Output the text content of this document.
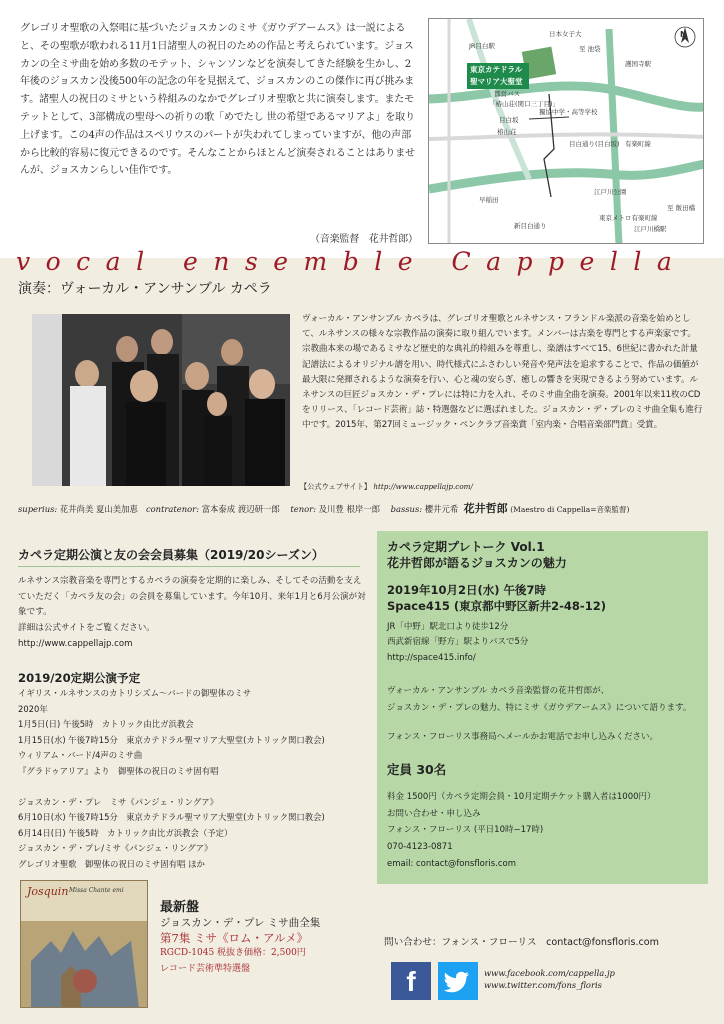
グレゴリオ聖歌の入祭唱に基づいたジョスカンのミサ《ガウデアームス》は一説によると、その聖歌が歌われる11月1日諸聖人の祝日のための作品と考えられています。ジョスカンの全ミサ曲を始め多数のモテット、シャンソンなどを演奏してきた経験を生かし、2年後のジョスカン没後500年の記念の年を見据えて、ジョスカンのこの傑作に再び挑みます。諸聖人の祝日のミサという枠組みのなかでグレゴリオ聖歌と共に演奏します。またモテットとして、3部構成の聖母への祈りの歌「めでたし 世の希望であるマリアよ」を取り上げます。この4声の作品はスペリウスのパートが失われてしまっていますが、他の声部から比較的容易に復元できるのです。そんなことからほとんど演奏されることはありませんが、ジョスカンらしい佳作です。
（音楽監督　花井哲郎）
東京カテドラル
聖マリア大聖堂
N
JR目白駅	至 池袋
日本女子大
都営バス
「椿山荘(関口三丁目)」
獨協中学・高等学校
目白坂
椿山荘
目白通り(目白坂)
江戸川公園
早稲田
新目白通り
至 飯田橋
東京メトロ有楽町線
江戸川橋駅
有楽町線
護国寺駅
vocal ensemble Cappella
演奏：ヴォーカル・アンサンブル カペラ
ヴォーカル・アンサンブル カペラは、グレゴリオ聖歌とルネサンス・フランドル楽派の音楽を始めとして、ルネサンスの様々な宗教作品の演奏に取り組んでいます。メンバーは古楽を専門とする声楽家です。宗教曲本来の場であるミサなど歴史的な典礼的枠組みを尊重し、楽譜はすべて15、6世紀に書かれた計量記譜法によるオリジナル譜を用い、時代様式にふさわしい発音や発声法を追求することで、作品の価値が最大限に発揮されるような演奏を行い、心と魂の安らぎ、癒しの響きを実現できるよう努めています。ルネサンスの巨匠ジョスカン・デ・プレには特に力を入れ、そのミサ曲全曲を演奏。2001年以来11枚のCDをリリース、「レコード芸術」誌・特選盤などに選ばれました。ジョスカン・デ・プレのミサ曲全集も進行中です。2015年、第27回ミュージック・ペンクラブ音楽賞「室内楽・合唱音楽部門賞」受賞。
【公式ウェブサイト】 http://www.cappellajp.com/
superius: 花井尚美 夏山美加恵 contratenor: 富本泰成 渡辺研一郎 tenor: 及川豊 根岸一郎 bassus: 櫻井元希 花井哲郎 (Maestro di Cappella=音楽監督)
カペラ定期公演と友の会会員募集（2019/20シーズン）
ルネサンス宗教音楽を専門とするカペラの演奏を定期的に楽しみ、そしてその活動を支えていただく「カペラ友の会」の会員を募集しています。今年10月、来年1月と6月公演が対象です。
詳細は公式サイトをご覧ください。
http://www.cappellajp.com
2019/20定期公演予定
イギリス・ルネサンスのカトリシズム〜バードの御聖体のミサ
2020年
1月5日(日) 午後5時　カトリック由比ガ浜教会
1月15日(水) 午後7時15分　東京カテドラル聖マリア大聖堂(カトリック関口教会)
ウィリアム・バード/4声のミサ曲
『グラドゥアリア』より　御聖体の祝日のミサ固有唱
ジョスカン・デ・プレ　ミサ《パンジェ・リングア》
6月10日(水) 午後7時15分　東京カテドラル聖マリア大聖堂(カトリック関口教会)
6月14日(日) 午後5時　カトリック由比ガ浜教会（予定）
ジョスカン・デ・プレ/ミサ《パンジェ・リングア》
グレゴリオ聖歌　御聖体の祝日のミサ固有唱 ほか
Josquin Missa Chante emi
最新盤
ジョスカン・デ・プレ ミサ曲全集
第7集 ミサ《ロム・アルメ》
RGCD-1045 税抜き価格：2,500円
レコード芸術準特選盤
カペラ定期プレトーク Vol.1
花井哲郎が語るジョスカンの魅力
2019年10月2日(水) 午後7時
Space415 (東京都中野区新井2-48-12)
JR「中野」駅北口より徒歩12分
西武新宿線「野方」駅よりバスで5分
http://space415.info/
ヴォーカル・アンサンブル カペラ音楽監督の花井哲郎が、
ジョスカン・デ・プレの魅力、特にミサ《ガウデアームス》について語ります。
フォンス・フローリス事務局へメールかお電話でお申し込みください。
定員 30名
料金 1500円（カペラ定期会員・10月定期チケット購入者は1000円）
お問い合わせ・申し込み
フォンス・フローリス (平日10時−17時)
070-4123-0871
email: contact@fonsfloris.com
問い合わせ：フォンス・フローリス　contact@fonsfloris.com
f	www.facebook.com/cappella.jp
www.twitter.com/fons_floris
